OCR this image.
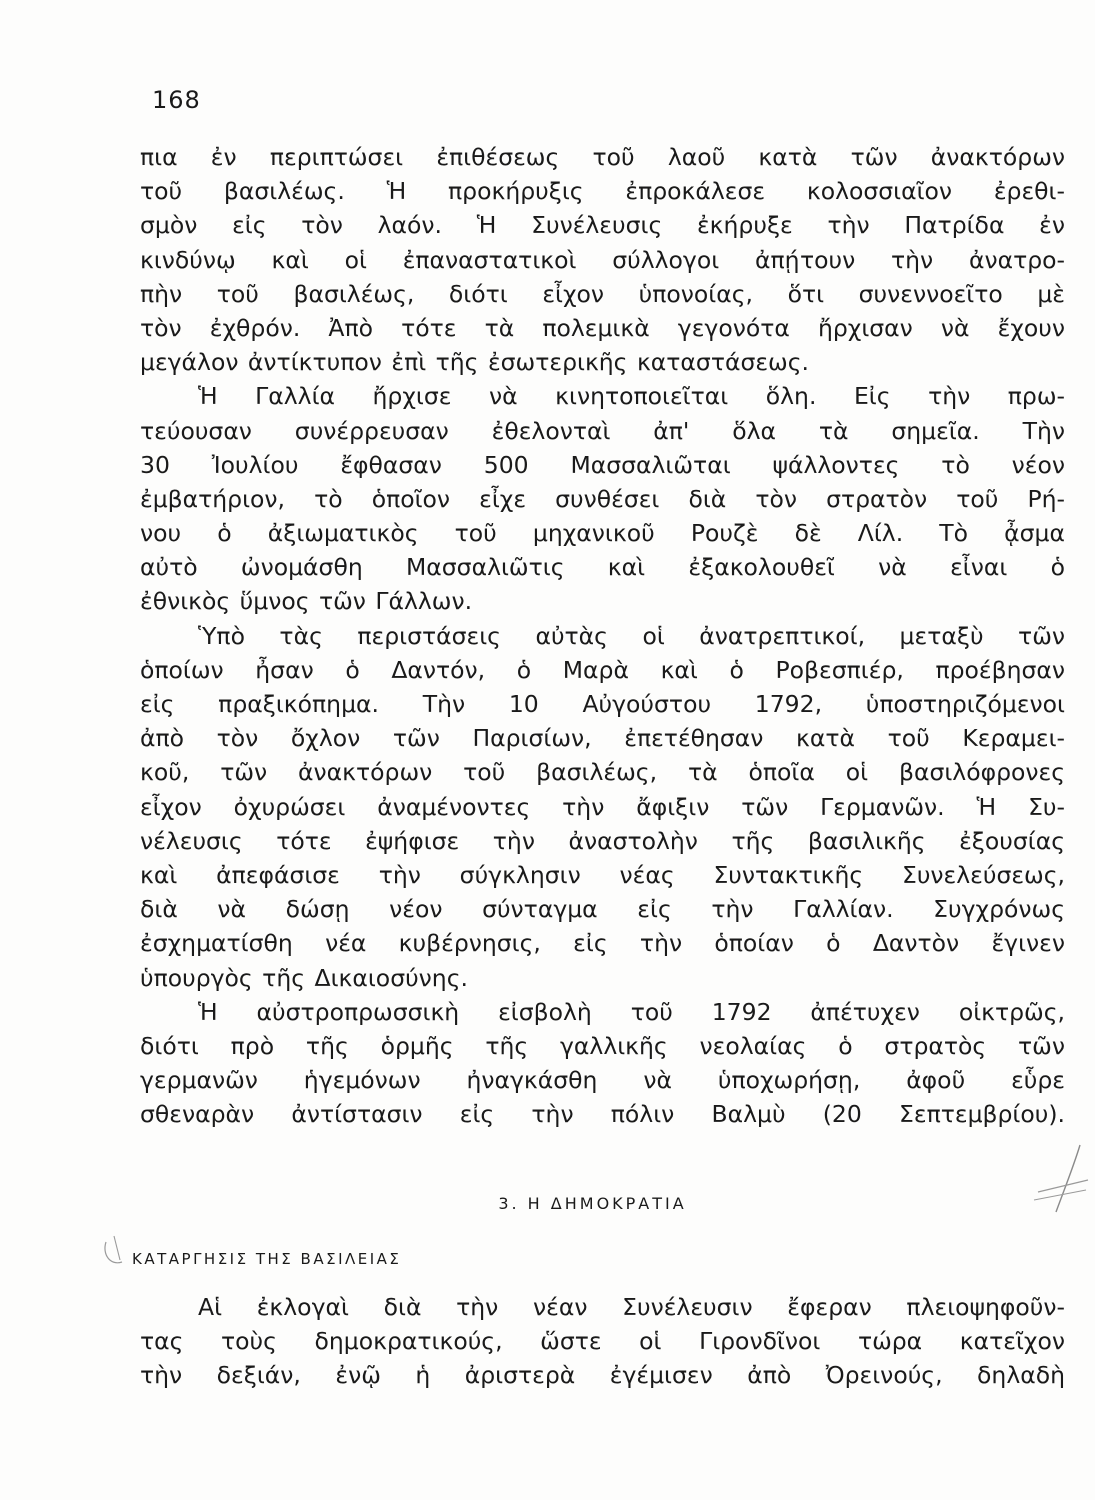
168
πια ἐν περιπτώσει ἐπιθέσεως τοῦ λαοῦ κατὰ τῶν ἀνακτόρων
τοῦ βασιλέως. Ἡ προκήρυξις ἐπροκάλεσε κολοσσιαῖον ἐρεθι-
σμὸν εἰς τὸν λαόν. Ἡ Συνέλευσις ἐκήρυξε τὴν Πατρίδα ἐν
κινδύνῳ καὶ οἱ ἐπαναστατικοὶ σύλλογοι ἀπῄτουν τὴν ἀνατρο-
πὴν τοῦ βασιλέως, διότι εἶχον ὑπονοίας, ὅτι συνεννοεῖτο μὲ
τὸν ἐχθρόν. Ἀπὸ τότε τὰ πολεμικὰ γεγονότα ἤρχισαν νὰ ἔχουν
μεγάλον ἀντίκτυπον ἐπὶ τῆς ἐσωτερικῆς καταστάσεως.
Ἡ Γαλλία ἤρχισε νὰ κινητοποιεῖται ὅλη. Εἰς τὴν πρω-
τεύουσαν συνέρρευσαν ἐθελονταὶ ἀπ' ὅλα τὰ σημεῖα. Τὴν
30 Ἰουλίου ἔφθασαν 500 Μασσαλιῶται ψάλλοντες τὸ νέον
ἐμβατήριον, τὸ ὁποῖον εἶχε συνθέσει διὰ τὸν στρατὸν τοῦ Ρή-
νου ὁ ἀξιωματικὸς τοῦ μηχανικοῦ Ρουζὲ δὲ Λίλ. Τὸ ᾆσμα
αὐτὸ ὠνομάσθη Μασσαλιῶτις καὶ ἐξακολουθεῖ νὰ εἶναι ὁ
ἐθνικὸς ὕμνος τῶν Γάλλων.
Ὑπὸ τὰς περιστάσεις αὐτὰς οἱ ἀνατρεπτικοί, μεταξὺ τῶν
ὁποίων ἦσαν ὁ Δαντόν, ὁ Μαρὰ καὶ ὁ Ροβεσπιέρ, προέβησαν
εἰς πραξικόπημα. Τὴν 10 Αὐγούστου 1792, ὑποστηριζόμενοι
ἀπὸ τὸν ὄχλον τῶν Παρισίων, ἐπετέθησαν κατὰ τοῦ Κεραμει-
κοῦ, τῶν ἀνακτόρων τοῦ βασιλέως, τὰ ὁποῖα οἱ βασιλόφρονες
εἶχον ὀχυρώσει ἀναμένοντες τὴν ἄφιξιν τῶν Γερμανῶν. Ἡ Συ-
νέλευσις τότε ἐψήφισε τὴν ἀναστολὴν τῆς βασιλικῆς ἐξουσίας
καὶ ἀπεφάσισε τὴν σύγκλησιν νέας Συντακτικῆς Συνελεύσεως,
διὰ νὰ δώσῃ νέον σύνταγμα εἰς τὴν Γαλλίαν. Συγχρόνως
ἐσχηματίσθη νέα κυβέρνησις, εἰς τὴν ὁποίαν ὁ Δαντὸν ἔγινεν
ὑπουργὸς τῆς Δικαιοσύνης.
Ἡ αὐστροπρωσσικὴ εἰσβολὴ τοῦ 1792 ἀπέτυχεν οἰκτρῶς,
διότι πρὸ τῆς ὁρμῆς τῆς γαλλικῆς νεολαίας ὁ στρατὸς τῶν
γερμανῶν ἡγεμόνων ἠναγκάσθη νὰ ὑποχωρήσῃ, ἀφοῦ εὗρε
σθεναρὰν ἀντίστασιν εἰς τὴν πόλιν Βαλμὺ (20 Σεπτεμβρίου).
3. Η ΔΗΜΟΚΡΑΤΙΑ
ΚΑΤΑΡΓΗΣΙΣ ΤΗΣ ΒΑΣΙΛΕΙΑΣ
Αἱ ἐκλογαὶ διὰ τὴν νέαν Συνέλευσιν ἔφεραν πλειοψηφοῦν-
τας τοὺς δημοκρατικούς, ὥστε οἱ Γιρονδῖνοι τώρα κατεῖχον
τὴν δεξιάν, ἐνῷ ἡ ἀριστερὰ ἐγέμισεν ἀπὸ Ὀρεινούς, δηλαδὴ
